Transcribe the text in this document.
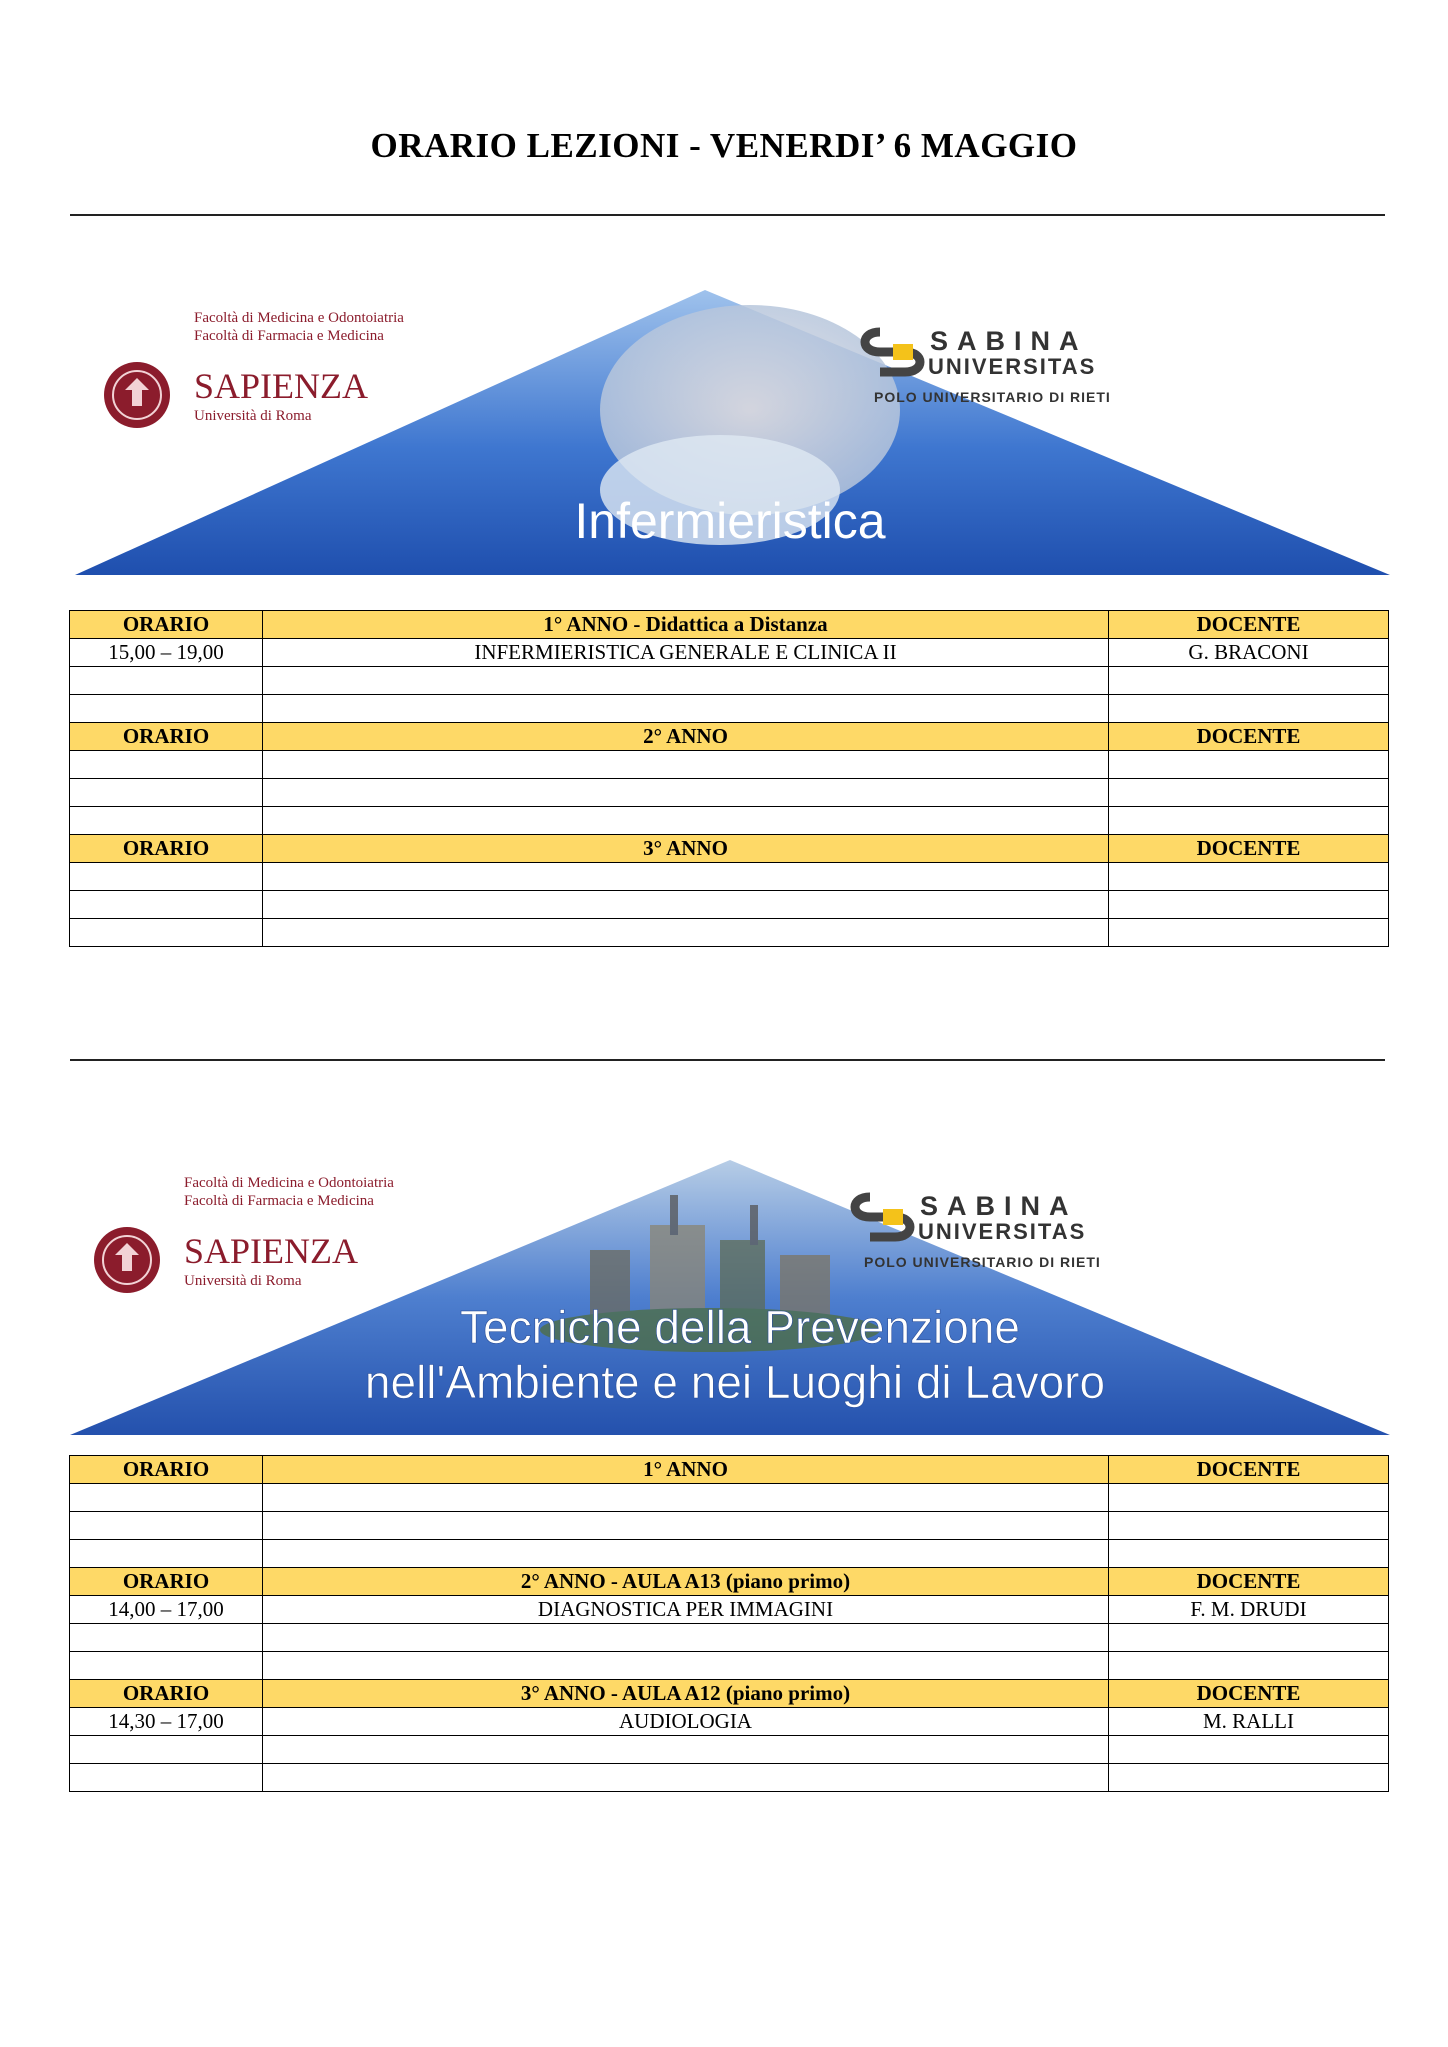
ORARIO LEZIONI - VENERDI’ 6 MAGGIO
Facoltà di Medicina e Odontoiatria
Facoltà di Farmacia e Medicina
SAPIENZA
Università di Roma
SABINA
UNIVERSITAS
POLO UNIVERSITARIO DI RIETI
Infermieristica
ORARIO	1° ANNO - Didattica a Distanza	DOCENTE
15,00 – 19,00	INFERMIERISTICA GENERALE E CLINICA II	G. BRACONI

ORARIO	2° ANNO	DOCENTE

ORARIO	3° ANNO	DOCENTE

Facoltà di Medicina e Odontoiatria
Facoltà di Farmacia e Medicina
SAPIENZA
Università di Roma
SABINA
UNIVERSITAS
POLO UNIVERSITARIO DI RIETI
Tecniche della Prevenzione
nell'Ambiente e nei Luoghi di Lavoro
ORARIO	1° ANNO	DOCENTE

ORARIO	2° ANNO - AULA A13 (piano primo)	DOCENTE
14,00 – 17,00	DIAGNOSTICA PER IMMAGINI	F. M. DRUDI

ORARIO	3° ANNO - AULA A12 (piano primo)	DOCENTE
14,30 – 17,00	AUDIOLOGIA	M. RALLI
